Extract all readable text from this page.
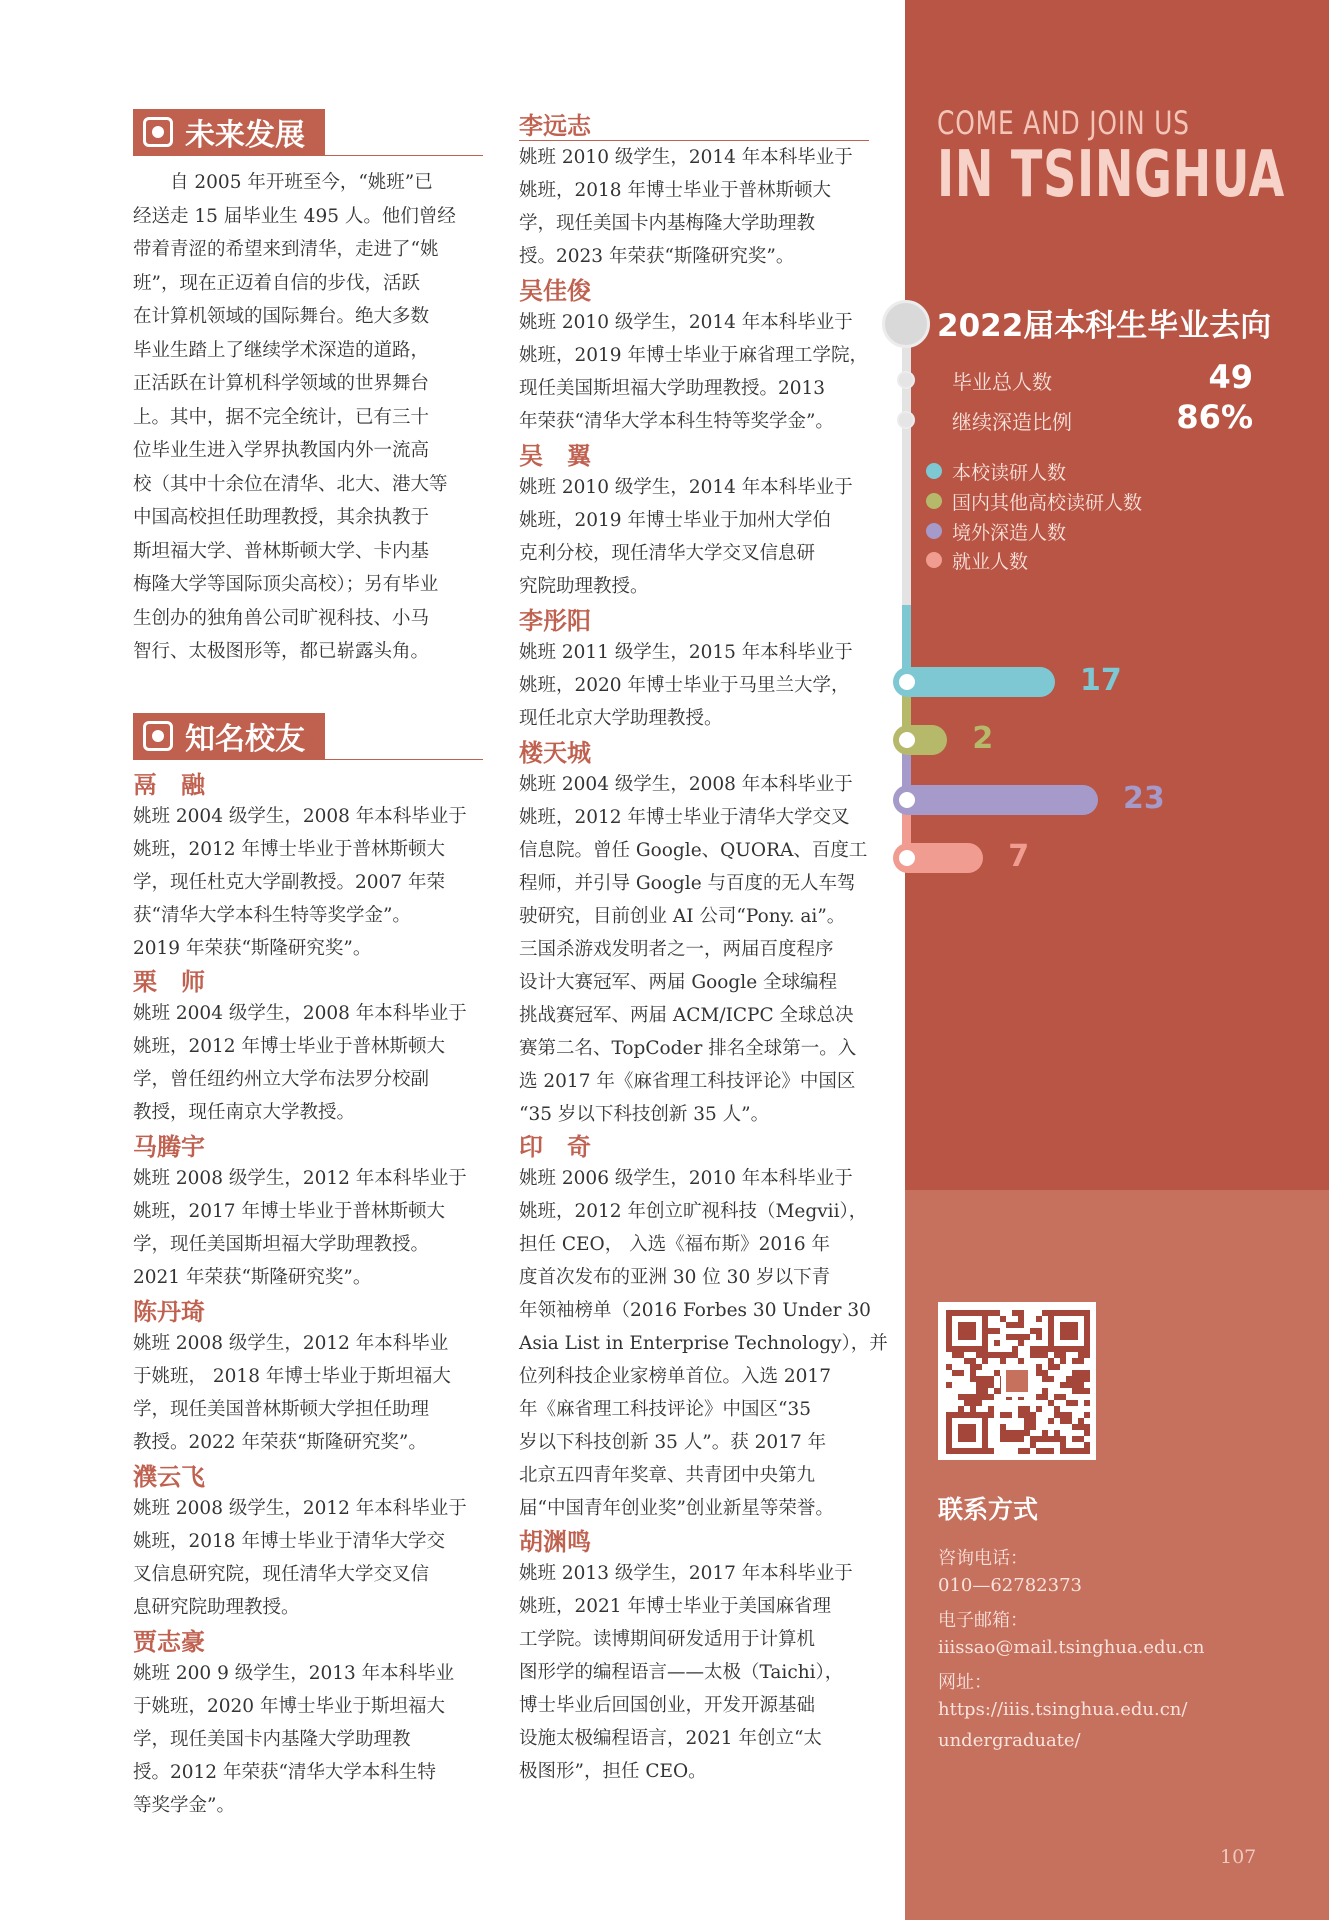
COME AND JOIN US
IN TSINGHUA
2022届本科生毕业去向
毕业总人数	49
继续深造比例	86%
本校读研人数
国内其他高校读研人数
境外深造人数
就业人数
17
2
23
7
联系方式
咨询电话：
010—62782373
电子邮箱：
iiissao@mail.tsinghua.edu.cn
网址：
https://iiis.tsinghua.edu.cn/
undergraduate/
107
未来发展
　　自 2005 年开班至今，“姚班”已
经送走 15 届毕业生 495 人。他们曾经
带着青涩的希望来到清华，走进了“姚
班”，现在正迈着自信的步伐，活跃
在计算机领域的国际舞台。绝大多数
毕业生踏上了继续学术深造的道路，
正活跃在计算机科学领域的世界舞台
上。其中，据不完全统计，已有三十
位毕业生进入学界执教国内外一流高
校（其中十余位在清华、北大、港大等
中国高校担任助理教授，其余执教于
斯坦福大学、普林斯顿大学、卡内基
梅隆大学等国际顶尖高校）；另有毕业
生创办的独角兽公司旷视科技、小马
智行、太极图形等，都已崭露头角。
知名校友
鬲　融
姚班 2004 级学生，2008 年本科毕业于
姚班，2012 年博士毕业于普林斯顿大
学，现任杜克大学副教授。2007 年荣
获“清华大学本科生特等奖学金”。
2019 年荣获“斯隆研究奖”。
栗　师
姚班 2004 级学生，2008 年本科毕业于
姚班，2012 年博士毕业于普林斯顿大
学，曾任纽约州立大学布法罗分校副
教授，现任南京大学教授。
马腾宇
姚班 2008 级学生，2012 年本科毕业于
姚班，2017 年博士毕业于普林斯顿大
学，现任美国斯坦福大学助理教授。
2021 年荣获“斯隆研究奖”。
陈丹琦
姚班 2008 级学生，2012 年本科毕业
于姚班， 2018 年博士毕业于斯坦福大
学，现任美国普林斯顿大学担任助理
教授。2022 年荣获“斯隆研究奖”。
濮云飞
姚班 2008 级学生，2012 年本科毕业于
姚班，2018 年博士毕业于清华大学交
叉信息研究院，现任清华大学交叉信
息研究院助理教授。
贾志豪
姚班 200 9 级学生，2013 年本科毕业
于姚班，2020 年博士毕业于斯坦福大
学，现任美国卡内基隆大学助理教
授。2012 年荣获“清华大学本科生特
等奖学金”。
李远志
姚班 2010 级学生，2014 年本科毕业于
姚班，2018 年博士毕业于普林斯顿大
学，现任美国卡内基梅隆大学助理教
授。2023 年荣获“斯隆研究奖”。
吴佳俊
姚班 2010 级学生，2014 年本科毕业于
姚班，2019 年博士毕业于麻省理工学院，
现任美国斯坦福大学助理教授。2013
年荣获“清华大学本科生特等奖学金”。
吴　翼
姚班 2010 级学生，2014 年本科毕业于
姚班，2019 年博士毕业于加州大学伯
克利分校，现任清华大学交叉信息研
究院助理教授。
李彤阳
姚班 2011 级学生，2015 年本科毕业于
姚班，2020 年博士毕业于马里兰大学，
现任北京大学助理教授。
楼天城
姚班 2004 级学生，2008 年本科毕业于
姚班，2012 年博士毕业于清华大学交叉
信息院。曾任 Google、QUORA、百度工
程师，并引导 Google 与百度的无人车驾
驶研究，目前创业 AI 公司“Pony. ai”。
三国杀游戏发明者之一，两届百度程序
设计大赛冠军、两届 Google 全球编程
挑战赛冠军、两届 ACM/ICPC 全球总决
赛第二名、TopCoder 排名全球第一。入
选 2017 年《麻省理工科技评论》中国区
“35 岁以下科技创新 35 人”。
印　奇
姚班 2006 级学生，2010 年本科毕业于
姚班，2012 年创立旷视科技（Megvii），
担任 CEO， 入选《福布斯》2016 年
度首次发布的亚洲 30 位 30 岁以下青
年领袖榜单（2016 Forbes 30 Under 30
Asia List in Enterprise Technology），并
位列科技企业家榜单首位。入选 2017
年《麻省理工科技评论》中国区“35
岁以下科技创新 35 人”。获 2017 年
北京五四青年奖章、共青团中央第九
届“中国青年创业奖”创业新星等荣誉。
胡渊鸣
姚班 2013 级学生，2017 年本科毕业于
姚班，2021 年博士毕业于美国麻省理
工学院。读博期间研发适用于计算机
图形学的编程语言——太极（Taichi），
博士毕业后回国创业，开发开源基础
设施太极编程语言，2021 年创立“太
极图形”，担任 CEO。
